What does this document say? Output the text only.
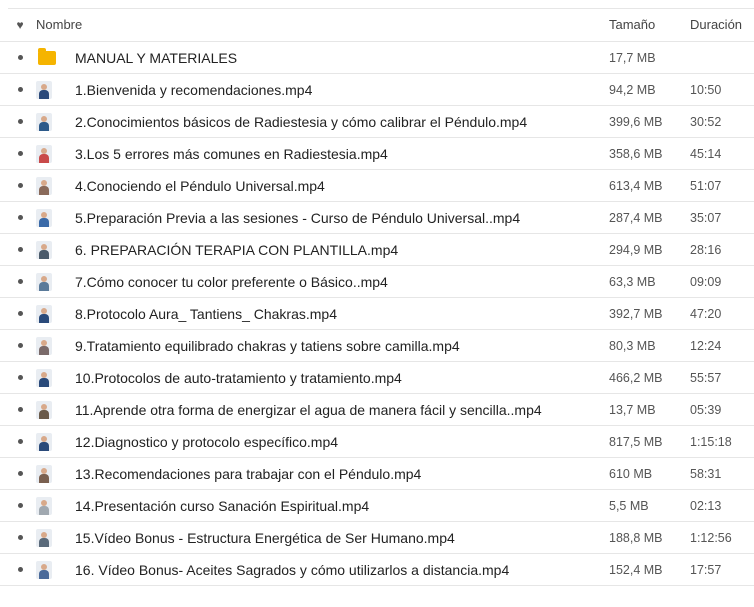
♥ Nombre	Tamaño	Duración
MANUAL Y MATERIALES	17,7 MB
1.Bienvenida y recomendaciones.mp4	94,2 MB	10:50
2.Conocimientos básicos de Radiestesia y cómo calibrar el Péndulo.mp4	399,6 MB 30:52
3.Los 5 errores más comunes en Radiestesia.mp4	358,6 MB 45:14
4.Conociendo el Péndulo Universal.mp4	613,4 MB 51:07
5.Preparación Previa a las sesiones - Curso de Péndulo Universal..mp4	287,4 MB 35:07
6. PREPARACIÓN TERAPIA CON PLANTILLA.mp4	294,9 MB 28:16
7.Cómo conocer tu color preferente o Básico..mp4	63,3 MB	09:09
8.Protocolo Aura_ Tantiens_ Chakras.mp4	392,7 MB 47:20
9.Tratamiento equilibrado chakras y tatiens sobre camilla.mp4	80,3 MB	12:24
10.Protocolos de auto-tratamiento y tratamiento.mp4	466,2 MB 55:57
11.Aprende otra forma de energizar el agua de manera fácil y sencilla..mp4	13,7 MB	05:39
12.Diagnostico y protocolo específico.mp4	817,5 MB 1:15:18
13.Recomendaciones para trabajar con el Péndulo.mp4	610 MB	58:31
14.Presentación curso Sanación Espiritual.mp4	5,5 MB	02:13
15.Vídeo Bonus - Estructura Energética de Ser Humano.mp4	188,8 MB 1:12:56
16. Vídeo Bonus- Aceites Sagrados y cómo utilizarlos a distancia.mp4	152,4 MB 17:57
